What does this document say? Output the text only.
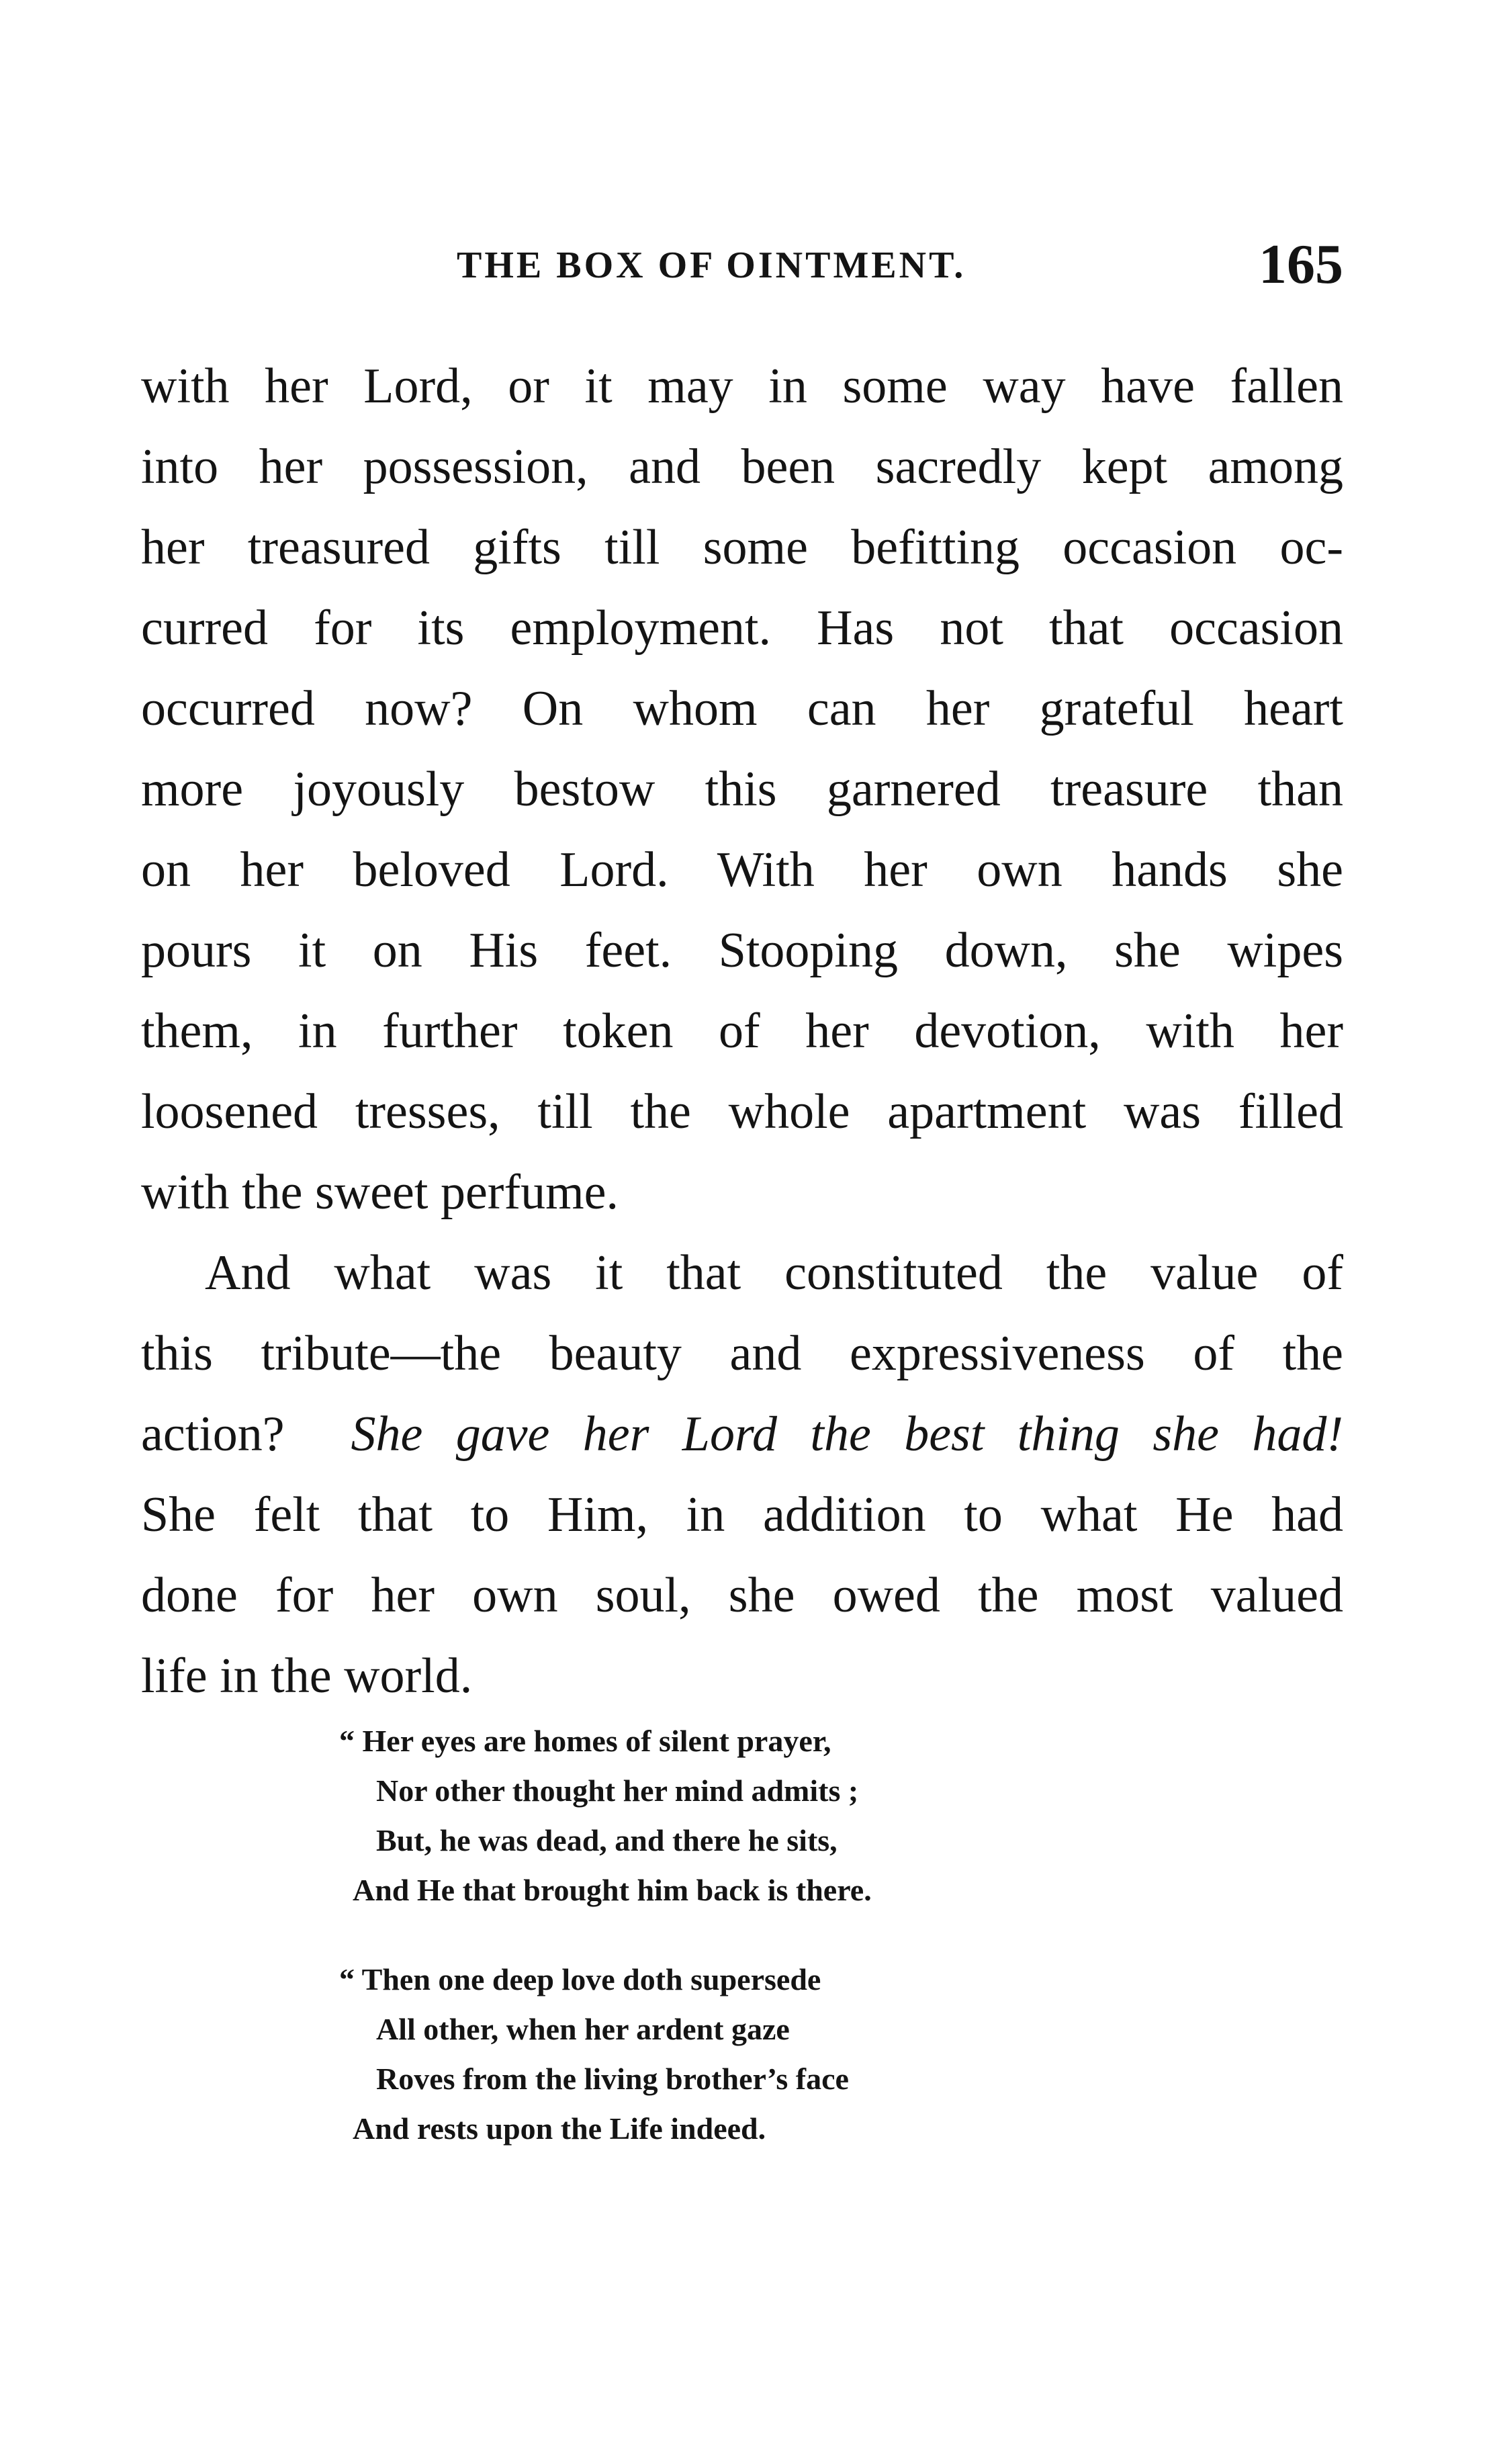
THE BOX OF OINTMENT.	165
with her Lord, or it may in some way have fallen
into her possession, and been sacredly kept among
her treasured gifts till some befitting occasion oc-
curred for its employment. Has not that occasion
occurred now? On whom can her grateful heart
more joyously bestow this garnered treasure than
on her beloved Lord. With her own hands she
pours it on His feet. Stooping down, she wipes
them, in further token of her devotion, with her
loosened tresses, till the whole apartment was filled
with the sweet perfume.
And what was it that constituted the value of
this tribute—the beauty and expressiveness of the
action? She gave her Lord the best thing she had!
She felt that to Him, in addition to what He had
done for her own soul, she owed the most valued
life in the world.
“ Her eyes are homes of silent prayer,
Nor other thought her mind admits ;
But, he was dead, and there he sits,
And He that brought him back is there.
“ Then one deep love doth supersede
All other, when her ardent gaze
Roves from the living brother’s face
And rests upon the Life indeed.
